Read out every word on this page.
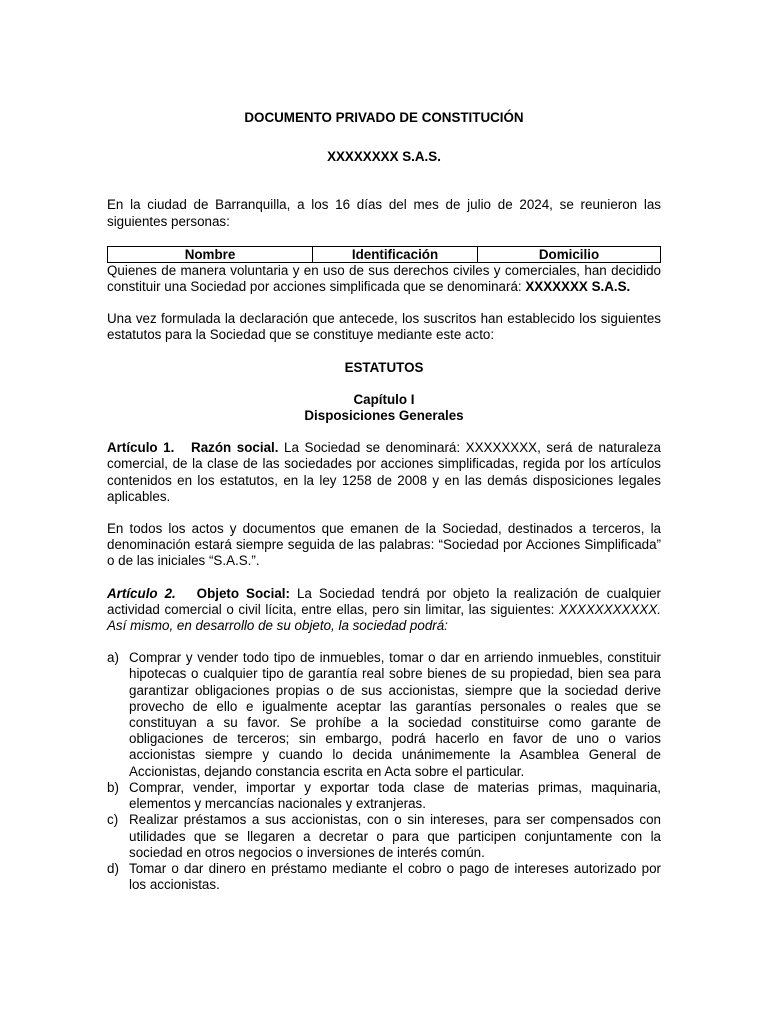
DOCUMENTO PRIVADO DE CONSTITUCIÓN

XXXXXXXX S.A.S.

En la ciudad de Barranquilla, a los 16 días del mes de julio de 2024, se reunieron las siguientes personas:

Nombre	Identificación	Domicilio

Quienes de manera voluntaria y en uso de sus derechos civiles y comerciales, han decidido constituir una Sociedad por acciones simplificada que se denominará: XXXXXXX S.A.S.

Una vez formulada la declaración que antecede, los suscritos han establecido los siguientes estatutos para la Sociedad que se constituye mediante este acto:

ESTATUTOS

Capítulo I

Disposiciones Generales

Artículo 1. Razón social. La Sociedad se denominará: XXXXXXXX, será de naturaleza comercial, de la clase de las sociedades por acciones simplificadas, regida por los artículos contenidos en los estatutos, en la ley 1258 de 2008 y en las demás disposiciones legales aplicables.

En todos los actos y documentos que emanen de la Sociedad, destinados a terceros, la denominación estará siempre seguida de las palabras: “Sociedad por Acciones Simplificada” o de las iniciales “S.A.S.”.

Artículo 2. Objeto Social: La Sociedad tendrá por objeto la realización de cualquier actividad comercial o civil lícita, entre ellas, pero sin limitar, las siguientes: XXXXXXXXXXX. Así mismo, en desarrollo de su objeto, la sociedad podrá:

a) Comprar y vender todo tipo de inmuebles, tomar o dar en arriendo inmuebles, constituir hipotecas o cualquier tipo de garantía real sobre bienes de su propiedad, bien sea para garantizar obligaciones propias o de sus accionistas, siempre que la sociedad derive provecho de ello e igualmente aceptar las garantías personales o reales que se constituyan a su favor. Se prohíbe a la sociedad constituirse como garante de obligaciones de terceros; sin embargo, podrá hacerlo en favor de uno o varios accionistas siempre y cuando lo decida unánimemente la Asamblea General de Accionistas, dejando constancia escrita en Acta sobre el particular.
b) Comprar, vender, importar y exportar toda clase de materias primas, maquinaria, elementos y mercancías nacionales y extranjeras.
c) Realizar préstamos a sus accionistas, con o sin intereses, para ser compensados con utilidades que se llegaren a decretar o para que participen conjuntamente con la sociedad en otros negocios o inversiones de interés común.
d) Tomar o dar dinero en préstamo mediante el cobro o pago de intereses autorizado por los accionistas.
